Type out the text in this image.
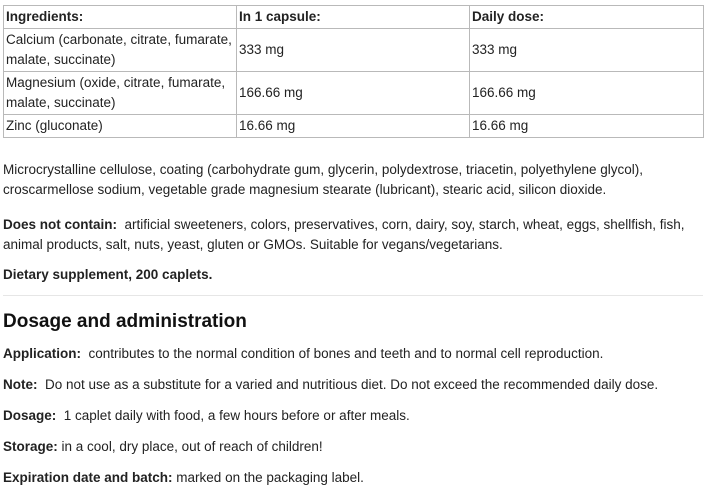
Ingredients:	In 1 capsule:	Daily dose:
Calcium (carbonate, citrate, fumarate, malate, succinate)	333 mg	333 mg
Magnesium (oxide, citrate, fumarate, malate, succinate)	166.66 mg	166.66 mg
Zinc (gluconate)	16.66 mg	16.66 mg

Microcrystalline cellulose, coating (carbohydrate gum, glycerin, polydextrose, triacetin, polyethylene glycol), croscarmellose sodium, vegetable grade magnesium stearate (lubricant), stearic acid, silicon dioxide.

Does not contain: artificial sweeteners, colors, preservatives, corn, dairy, soy, starch, wheat, eggs, shellfish, fish, animal products, salt, nuts, yeast, gluten or GMOs. Suitable for vegans/vegetarians.

Dietary supplement, 200 caplets.

Dosage and administration

Application: contributes to the normal condition of bones and teeth and to normal cell reproduction.

Note: Do not use as a substitute for a varied and nutritious diet. Do not exceed the recommended daily dose.

Dosage: 1 caplet daily with food, a few hours before or after meals.

Storage: in a cool, dry place, out of reach of children!

Expiration date and batch: marked on the packaging label.
